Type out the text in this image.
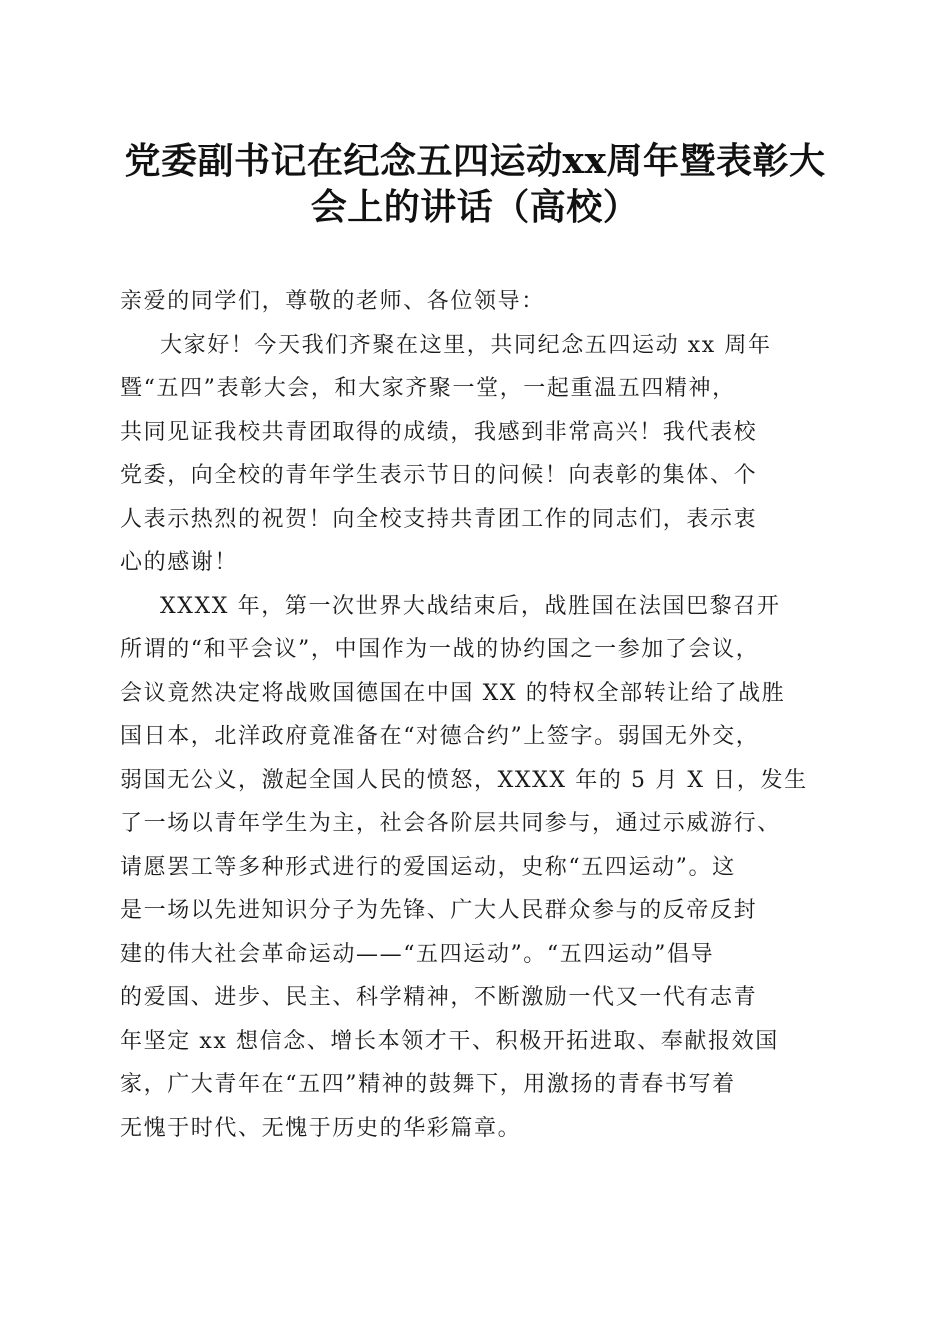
党委副书记在纪念五四运动xx周年暨表彰大
会上的讲话（高校）
亲爱的同学们，尊敬的老师、各位领导：
大家好！今天我们齐聚在这里，共同纪念五四运动 xx 周年
暨“五四”表彰大会，和大家齐聚一堂，一起重温五四精神，
共同见证我校共青团取得的成绩，我感到非常高兴！我代表校
党委，向全校的青年学生表示节日的问候！向表彰的集体、个
人表示热烈的祝贺！向全校支持共青团工作的同志们，表示衷
心的感谢！
XXXX 年，第一次世界大战结束后，战胜国在法国巴黎召开
所谓的“和平会议”，中国作为一战的协约国之一参加了会议，
会议竟然决定将战败国德国在中国 XX 的特权全部转让给了战胜
国日本，北洋政府竟准备在“对德合约”上签字。弱国无外交，
弱国无公义，激起全国人民的愤怒，XXXX 年的 5 月 X 日，发生
了一场以青年学生为主，社会各阶层共同参与，通过示威游行、
请愿罢工等多种形式进行的爱国运动，史称“五四运动”。这
是一场以先进知识分子为先锋、广大人民群众参与的反帝反封
建的伟大社会革命运动——“五四运动”。“五四运动”倡导
的爱国、进步、民主、科学精神，不断激励一代又一代有志青
年坚定 xx 想信念、增长本领才干、积极开拓进取、奉献报效国
家，广大青年在“五四”精神的鼓舞下，用激扬的青春书写着
无愧于时代、无愧于历史的华彩篇章。
